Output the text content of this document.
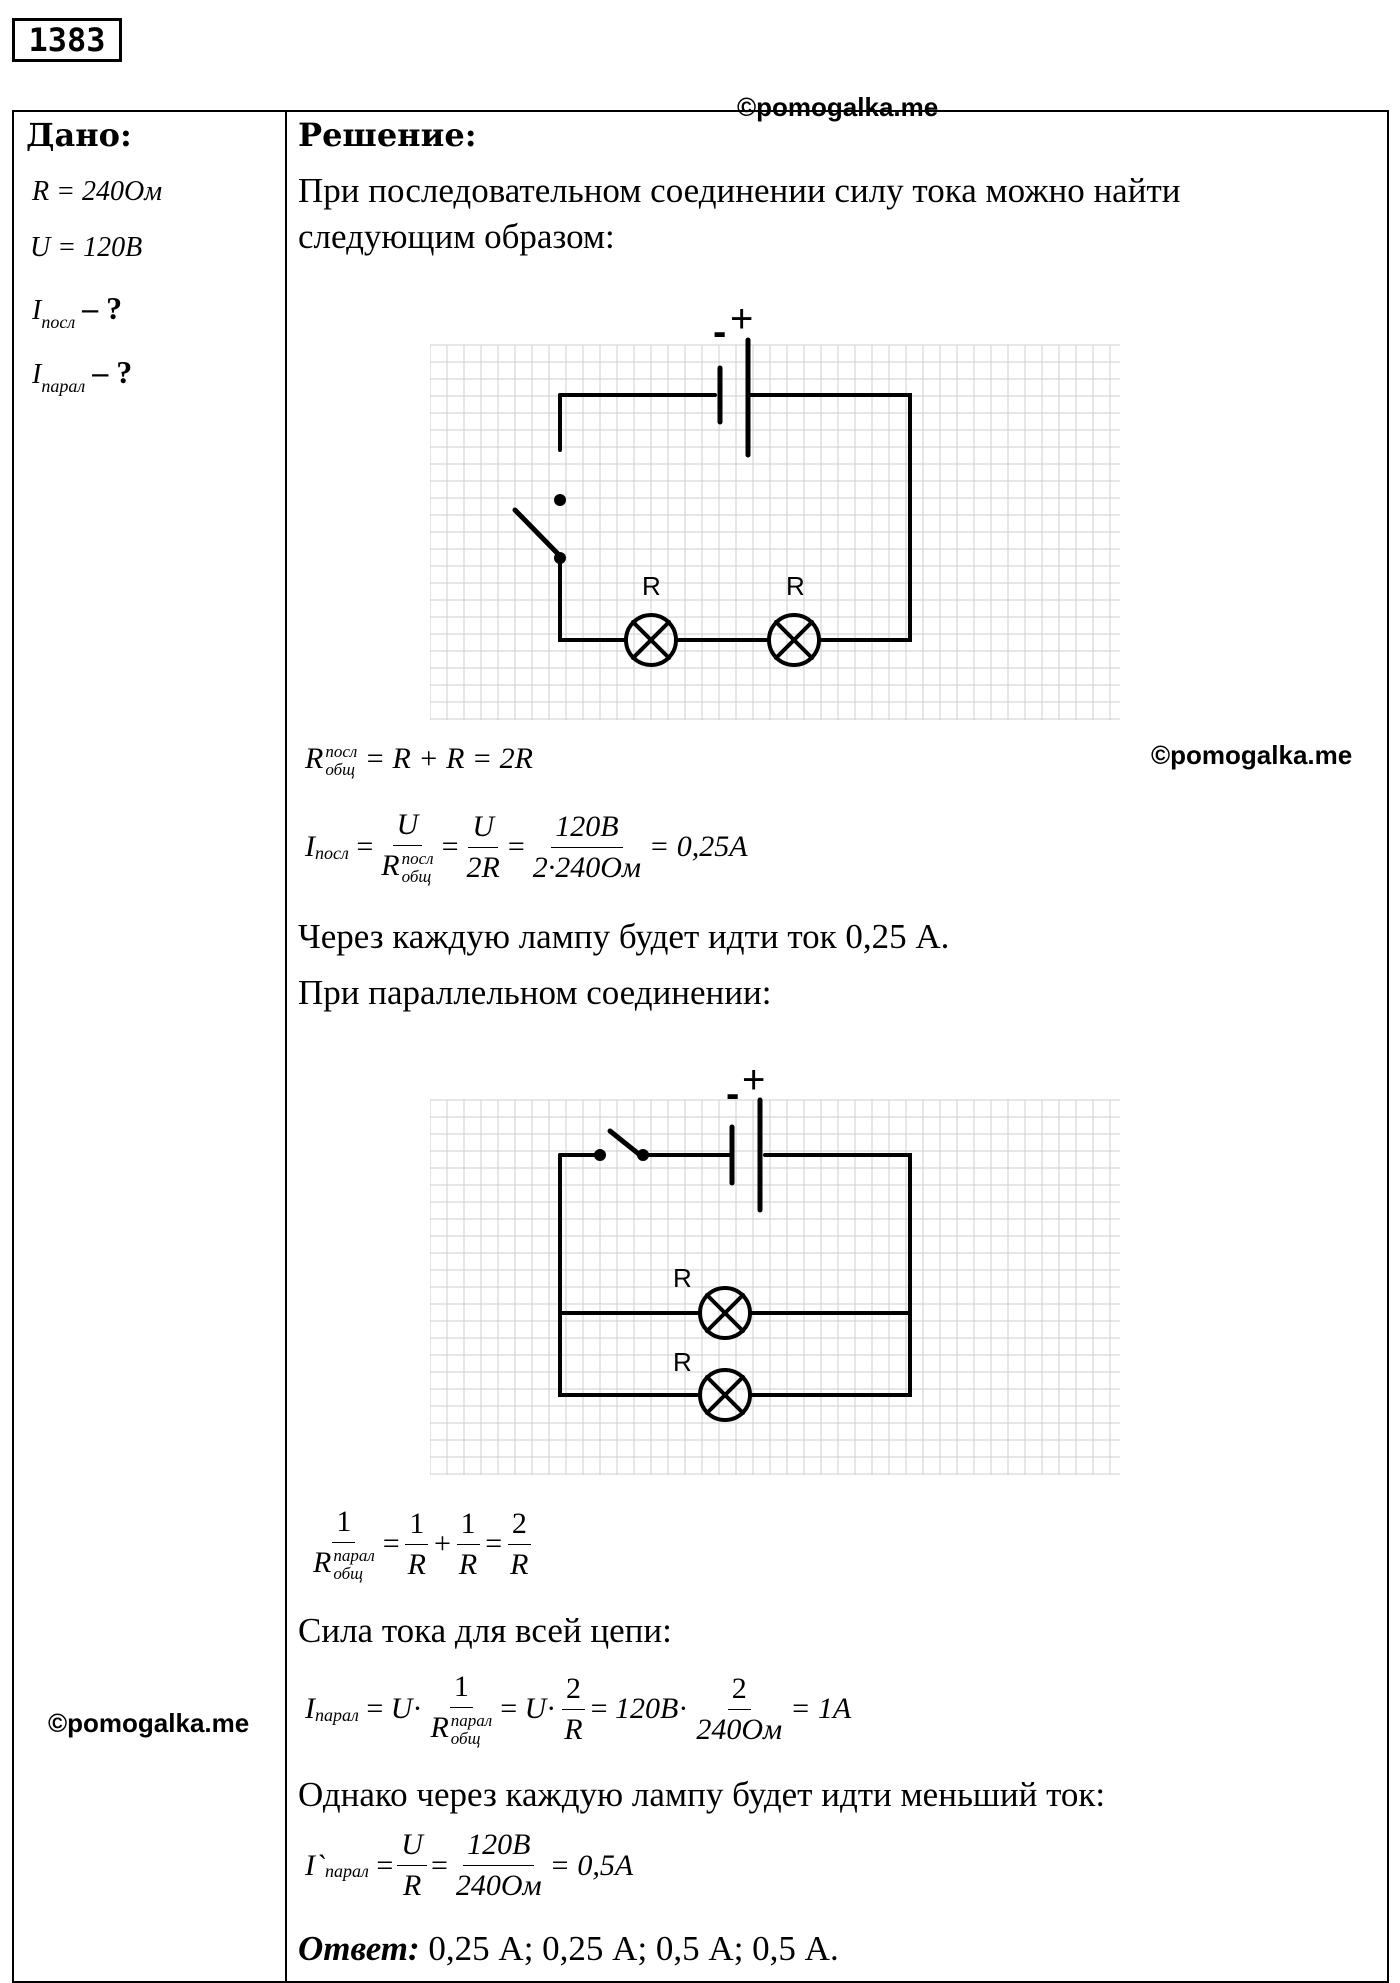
1383
©pomogalka.me
©pomogalka.me
©pomogalka.me
Дано:
R = 240Ом
U = 120B
$I_{посл}$ – ?
$I_{парал}$ – ?
Решение:
При последовательном соединении силу тока можно найти следующим образом:
- +
R	R
R посл
общ = R + R = 2R
I посл = U
R посл
общ = $\frac{U}{2R} = \frac{120B}{2\cdot 240Ом} = 0,25A$
Через каждую лампу будет идти ток 0,25 А.
При параллельном соединении:
- +
R
R
1
R парал
общ = $\frac{1}{R} + \frac{1}{R} = \frac{2}{R}$
Сила тока для всей цепи:
I парал = U · 1
R парал
общ = $U \cdot \frac{2}{R} = 120B \cdot \frac{2}{240Ом} = 1A$
Однако через каждую лампу будет идти меньший ток:
I` парал = $\frac{U}{R} = \frac{120B}{240Ом} = 0,5A$
Ответ: 0,25 А; 0,25 А; 0,5 А; 0,5 А.
